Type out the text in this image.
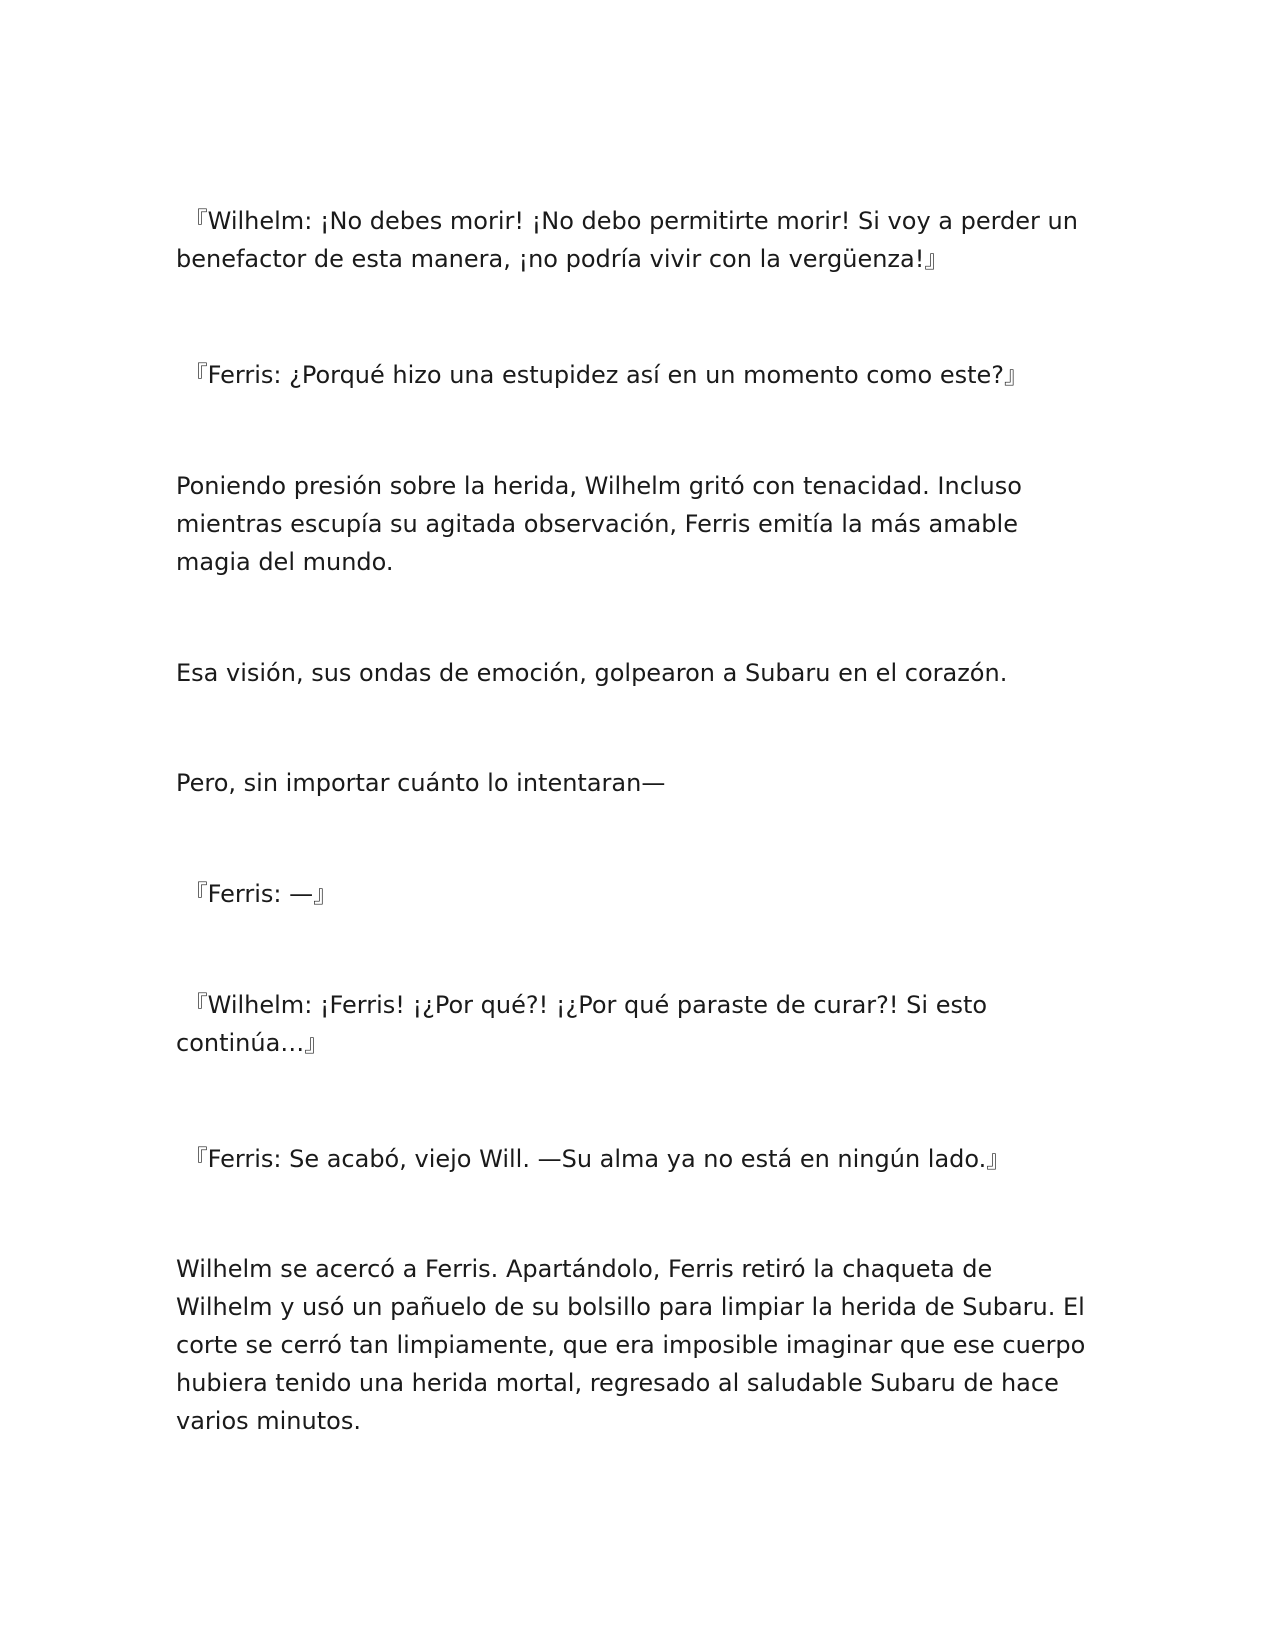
『Wilhelm: ¡No debes morir! ¡No debo permitirte morir! Si voy a perder un benefactor de esta manera, ¡no podría vivir con la vergüenza!』

『Ferris: ¿Porqué hizo una estupidez así en un momento como este?』

Poniendo presión sobre la herida, Wilhelm gritó con tenacidad. Incluso mientras escupía su agitada observación, Ferris emitía la más amable magia del mundo.

Esa visión, sus ondas de emoción, golpearon a Subaru en el corazón.

Pero, sin importar cuánto lo intentaran—

『Ferris: —』

『Wilhelm: ¡Ferris! ¡¿Por qué?! ¡¿Por qué paraste de curar?! Si esto continúa…』

『Ferris: Se acabó, viejo Will. —Su alma ya no está en ningún lado.』

Wilhelm se acercó a Ferris. Apartándolo, Ferris retiró la chaqueta de Wilhelm y usó un pañuelo de su bolsillo para limpiar la herida de Subaru. El corte se cerró tan limpiamente, que era imposible imaginar que ese cuerpo hubiera tenido una herida mortal, regresado al saludable Subaru de hace varios minutos.
